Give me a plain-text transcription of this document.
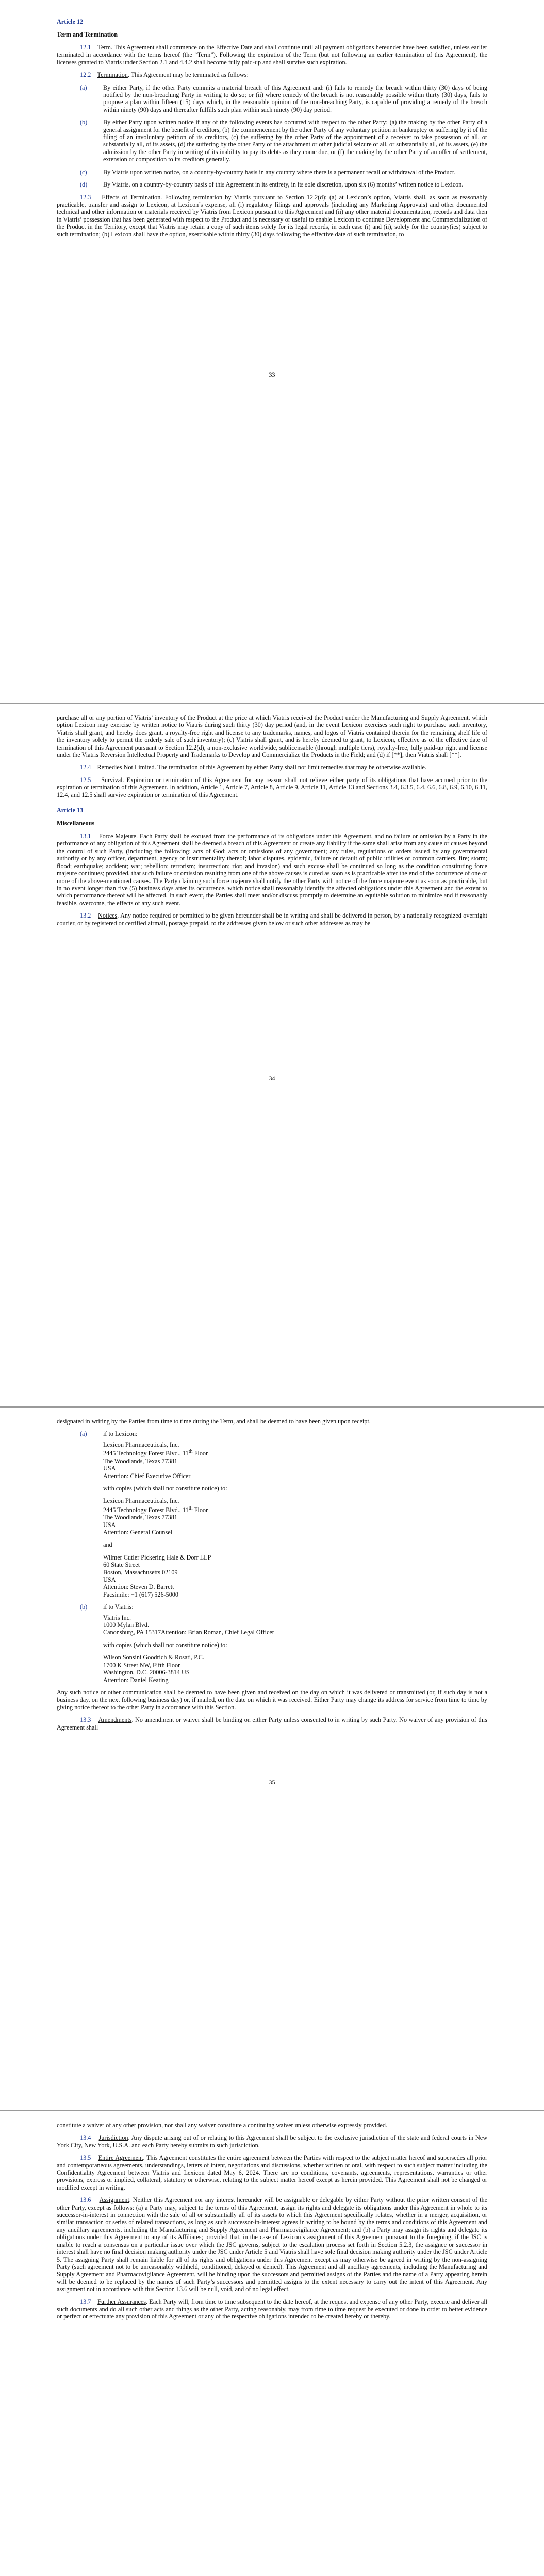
Article 12

Term and Termination

12.1 Term. This Agreement shall commence on the Effective Date and shall continue until all payment obligations hereunder have been satisfied, unless earlier terminated in accordance with the terms hereof (the “Term”). Following the expiration of the Term (but not following an earlier termination of this Agreement), the licenses granted to Viatris under Section 2.1 and 4.4.2 shall become fully paid-up and shall survive such expiration.

12.2 Termination. This Agreement may be terminated as follows:

(a)	By either Party, if the other Party commits a material breach of this Agreement and: (i) fails to remedy the breach within thirty (30) days of being notified by the non-breaching Party in writing to do so; or (ii) where remedy of the breach is not reasonably possible within thirty (30) days, fails to propose a plan within fifteen (15) days which, in the reasonable opinion of the non-breaching Party, is capable of providing a remedy of the breach within ninety (90) days and thereafter fulfills such plan within such ninety (90) day period.
(b)	By either Party upon written notice if any of the following events has occurred with respect to the other Party: (a) the making by the other Party of a general assignment for the benefit of creditors, (b) the commencement by the other Party of any voluntary petition in bankruptcy or suffering by it of the filing of an involuntary petition of its creditors, (c) the suffering by the other Party of the appointment of a receiver to take possession of all, or substantially all, of its assets, (d) the suffering by the other Party of the attachment or other judicial seizure of all, or substantially all, of its assets, (e) the admission by the other Party in writing of its inability to pay its debts as they come due, or (f) the making by the other Party of an offer of settlement, extension or composition to its creditors generally.
(c)	By Viatris upon written notice, on a country-by-country basis in any country where there is a permanent recall or withdrawal of the Product.
(d)	By Viatris, on a country-by-country basis of this Agreement in its entirety, in its sole discretion, upon six (6) months’ written notice to Lexicon.

12.3 Effects of Termination. Following termination by Viatris pursuant to Section 12.2(d): (a) at Lexicon’s option, Viatris shall, as soon as reasonably practicable, transfer and assign to Lexicon, at Lexicon’s expense, all (i) regulatory filings and approvals (including any Marketing Approvals) and other documented technical and other information or materials received by Viatris from Lexicon pursuant to this Agreement and (ii) any other material documentation, records and data then in Viatris’ possession that has been generated with respect to the Product and is necessary or useful to enable Lexicon to continue Development and Commercialization of the Product in the Territory, except that Viatris may retain a copy of such items solely for its legal records, in each case (i) and (ii), solely for the country(ies) subject to such termination; (b) Lexicon shall have the option, exercisable within thirty (30) days following the effective date of such termination, to

33

purchase all or any portion of Viatris’ inventory of the Product at the price at which Viatris received the Product under the Manufacturing and Supply Agreement, which option Lexicon may exercise by written notice to Viatris during such thirty (30) day period (and, in the event Lexicon exercises such right to purchase such inventory, Viatris shall grant, and hereby does grant, a royalty-free right and license to any trademarks, names, and logos of Viatris contained therein for the remaining shelf life of the inventory solely to permit the orderly sale of such inventory); (c) Viatris shall grant, and is hereby deemed to grant, to Lexicon, effective as of the effective date of termination of this Agreement pursuant to Section 12.2(d), a non-exclusive worldwide, sublicensable (through multiple tiers), royalty-free, fully paid-up right and license under the Viatris Reversion Intellectual Property and Trademarks to Develop and Commercialize the Products in the Field; and (d) if [**], then Viatris shall [**].

12.4 Remedies Not Limited. The termination of this Agreement by either Party shall not limit remedies that may be otherwise available.

12.5 Survival. Expiration or termination of this Agreement for any reason shall not relieve either party of its obligations that have accrued prior to the expiration or termination of this Agreement. In addition, Article 1, Article 7, Article 8, Article 9, Article 11, Article 13 and Sections 3.4, 6.3.5, 6.4, 6.6, 6.8, 6.9, 6.10, 6.11, 12.4, and 12.5 shall survive expiration or termination of this Agreement.

Article 13

Miscellaneous

13.1 Force Majeure. Each Party shall be excused from the performance of its obligations under this Agreement, and no failure or omission by a Party in the performance of any obligation of this Agreement shall be deemed a breach of this Agreement or create any liability if the same shall arise from any cause or causes beyond the control of such Party, (including the following: acts of God; acts or omissions of any government; any rules, regulations or orders issued by any governmental authority or by any officer, department, agency or instrumentality thereof; labor disputes, epidemic, failure or default of public utilities or common carriers, fire; storm; flood; earthquake; accident; war; rebellion; terrorism; insurrection; riot; and invasion) and such excuse shall be continued so long as the condition constituting force majeure continues; provided, that such failure or omission resulting from one of the above causes is cured as soon as is practicable after the end of the occurrence of one or more of the above-mentioned causes. The Party claiming such force majeure shall notify the other Party with notice of the force majeure event as soon as practicable, but in no event longer than five (5) business days after its occurrence, which notice shall reasonably identify the affected obligations under this Agreement and the extent to which performance thereof will be affected. In such event, the Parties shall meet and/or discuss promptly to determine an equitable solution to minimize and if reasonably feasible, overcome, the effects of any such event.

13.2 Notices. Any notice required or permitted to be given hereunder shall be in writing and shall be delivered in person, by a nationally recognized overnight courier, or by registered or certified airmail, postage prepaid, to the addresses given below or such other addresses as may be

34

designated in writing by the Parties from time to time during the Term, and shall be deemed to have been given upon receipt.

(a)	if to Lexicon:
Lexicon Pharmaceuticals, Inc.
2445 Technology Forest Blvd., 11th Floor
The Woodlands, Texas 77381
USA
Attention: Chief Executive Officer
with copies (which shall not constitute notice) to:
Lexicon Pharmaceuticals, Inc.
2445 Technology Forest Blvd., 11th Floor
The Woodlands, Texas 77381
USA
Attention: General Counsel
and
Wilmer Cutler Pickering Hale & Dorr LLP
60 State Street
Boston, Massachusetts 02109
USA
Attention: Steven D. Barrett
Facsimile: +1 (617) 526-5000
(b)	if to Viatris:
Viatris Inc.
1000 Mylan Blvd.
Canonsburg, PA 15317Attention: Brian Roman, Chief Legal Officer
with copies (which shall not constitute notice) to:
Wilson Sonsini Goodrich & Rosati, P.C.
1700 K Street NW, Fifth Floor
Washington, D.C. 20006-3814 US
Attention: Daniel Keating

Any such notice or other communication shall be deemed to have been given and received on the day on which it was delivered or transmitted (or, if such day is not a business day, on the next following business day) or, if mailed, on the date on which it was received. Either Party may change its address for service from time to time by giving notice thereof to the other Party in accordance with this Section.

13.3 Amendments. No amendment or waiver shall be binding on either Party unless consented to in writing by such Party. No waiver of any provision of this Agreement shall

35

constitute a waiver of any other provision, nor shall any waiver constitute a continuing waiver unless otherwise expressly provided.

13.4 Jurisdiction. Any dispute arising out of or relating to this Agreement shall be subject to the exclusive jurisdiction of the state and federal courts in New York City, New York, U.S.A. and each Party hereby submits to such jurisdiction.

13.5 Entire Agreement. This Agreement constitutes the entire agreement between the Parties with respect to the subject matter hereof and supersedes all prior and contemporaneous agreements, understandings, letters of intent, negotiations and discussions, whether written or oral, with respect to such subject matter including the Confidentiality Agreement between Viatris and Lexicon dated May 6, 2024. There are no conditions, covenants, agreements, representations, warranties or other provisions, express or implied, collateral, statutory or otherwise, relating to the subject matter hereof except as herein provided. This Agreement shall not be changed or modified except in writing.

13.6 Assignment. Neither this Agreement nor any interest hereunder will be assignable or delegable by either Party without the prior written consent of the other Party, except as follows: (a) a Party may, subject to the terms of this Agreement, assign its rights and delegate its obligations under this Agreement in whole to its successor-in-interest in connection with the sale of all or substantially all of its assets to which this Agreement specifically relates, whether in a merger, acquisition, or similar transaction or series of related transactions, as long as such successor-in-interest agrees in writing to be bound by the terms and conditions of this Agreement and any ancillary agreements, including the Manufacturing and Supply Agreement and Pharmacovigilance Agreement; and (b) a Party may assign its rights and delegate its obligations under this Agreement to any of its Affiliates; provided that, in the case of Lexicon’s assignment of this Agreement pursuant to the foregoing, if the JSC is unable to reach a consensus on a particular issue over which the JSC governs, subject to the escalation process set forth in Section 5.2.3, the assignee or successor in interest shall have no final decision making authority under the JSC under Article 5 and Viatris shall have sole final decision making authority under the JSC under Article 5. The assigning Party shall remain liable for all of its rights and obligations under this Agreement except as may otherwise be agreed in writing by the non-assigning Party (such agreement not to be unreasonably withheld, conditioned, delayed or denied). This Agreement and all ancillary agreements, including the Manufacturing and Supply Agreement and Pharmacovigilance Agreement, will be binding upon the successors and permitted assigns of the Parties and the name of a Party appearing herein will be deemed to be replaced by the names of such Party’s successors and permitted assigns to the extent necessary to carry out the intent of this Agreement. Any assignment not in accordance with this Section 13.6 will be null, void, and of no legal effect.

13.7 Further Assurances. Each Party will, from time to time subsequent to the date hereof, at the request and expense of any other Party, execute and deliver all such documents and do all such other acts and things as the other Party, acting reasonably, may from time to time request be executed or done in order to better evidence or perfect or effectuate any provision of this Agreement or any of the respective obligations intended to be created hereby or thereby.
